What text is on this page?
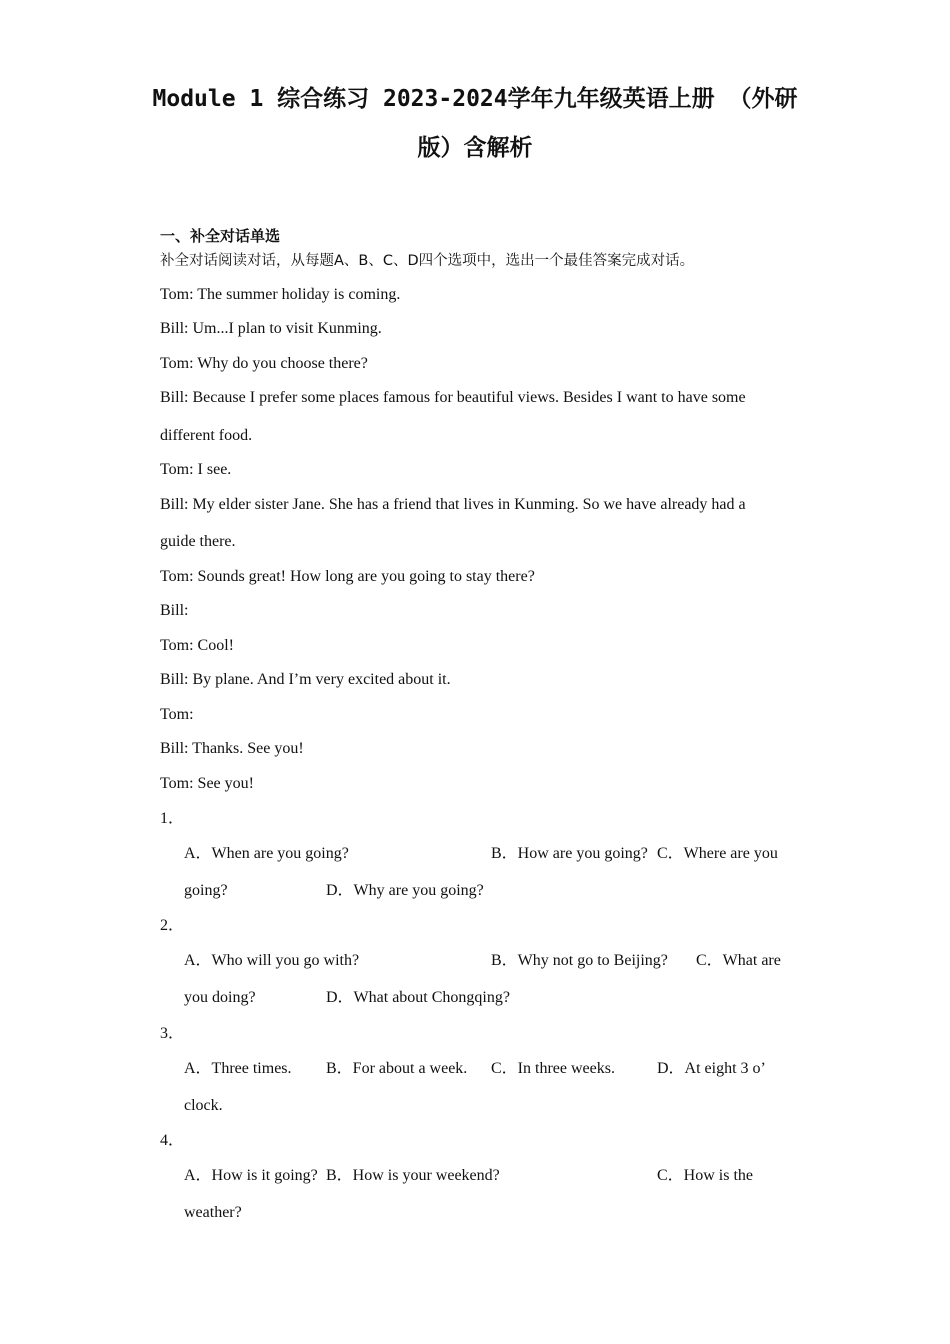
Module 1 综合练习 2023-2024学年九年级英语上册 （外研
版）含解析
一、补全对话单选
补全对话阅读对话，从每题A、B、C、D四个选项中，选出一个最佳答案完成对话。
Tom: The summer holiday is coming.
Bill: Um...I plan to visit Kunming.
Tom: Why do you choose there?
Bill: Because I prefer some places famous for beautiful views. Besides I want to have some
different food.
Tom: I see.
Bill: My elder sister Jane. She has a friend that lives in Kunming. So we have already had a
guide there.
Tom: Sounds great! How long are you going to stay there?
Bill:
Tom: Cool!
Bill: By plane. And I’m very excited about it.
Tom:
Bill: Thanks. See you!
Tom: See you!
1．
A．When are you going?	B．How are you going? C．Where are you
going?	D．Why are you going?
2．
A．Who will you go with?	B．Why not go to Beijing? C．What are
you doing?	D．What about Chongqing?
3．
A．Three times. B．For about a week. C．In three weeks.	D．At eight 3 o’
clock.
4．
A．How is it going? B．How is your weekend?	C．How is the
weather?
